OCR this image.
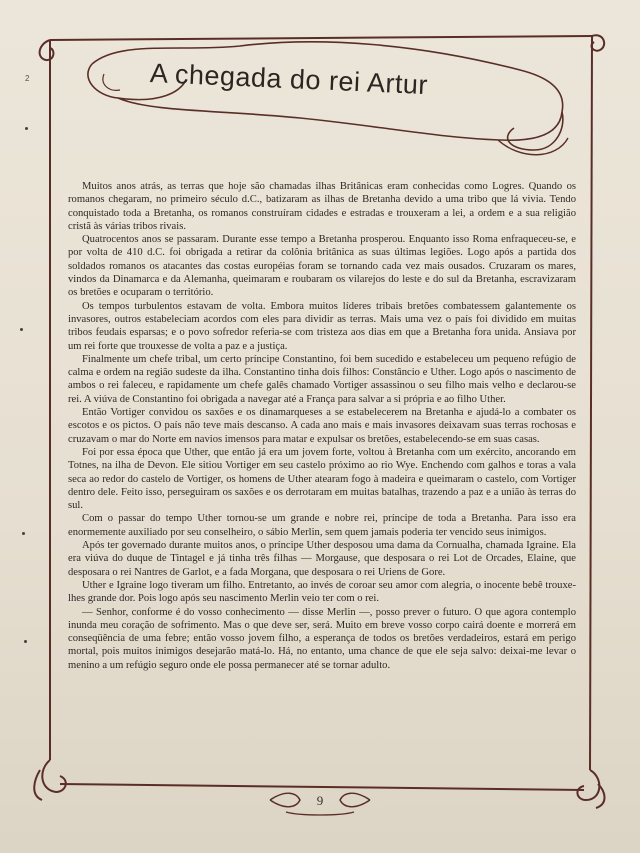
A chegada do rei Artur
2

Muitos anos atrás, as terras que hoje são chamadas ilhas Britânicas eram conhecidas como Logres. Quando os romanos chegaram, no primeiro século d.C., batizaram as ilhas de Bretanha devido a uma tribo que lá vivia. Tendo conquistado toda a Bretanha, os romanos construíram cidades e estradas e trouxeram a lei, a ordem e a sua religião cristã às várias tribos rivais.

Quatrocentos anos se passaram. Durante esse tempo a Bretanha prosperou. Enquanto isso Roma enfraqueceu-se, e por volta de 410 d.C. foi obrigada a retirar da colônia britânica as suas últimas legiões. Logo após a partida dos soldados romanos os atacantes das costas européias foram se tornando cada vez mais ousados. Cruzaram os mares, vindos da Dinamarca e da Alemanha, queimaram e roubaram os vilarejos do leste e do sul da Bretanha, escravizaram os bretões e ocuparam o território.

Os tempos turbulentos estavam de volta. Embora muitos líderes tribais bretões combatessem galantemente os invasores, outros estabeleciam acordos com eles para dividir as terras. Mais uma vez o país foi dividido em muitas tribos feudais esparsas; e o povo sofredor referia-se com tristeza aos dias em que a Bretanha fora unida. Ansiava por um rei forte que trouxesse de volta a paz e a justiça.

Finalmente um chefe tribal, um certo príncipe Constantino, foi bem sucedido e estabeleceu um pequeno refúgio de calma e ordem na região sudeste da ilha. Constantino tinha dois filhos: Constâncio e Uther. Logo após o nascimento de ambos o rei faleceu, e rapidamente um chefe galês chamado Vortiger assassinou o seu filho mais velho e declarou-se rei. A viúva de Constantino foi obrigada a navegar até a França para salvar a si própria e ao filho Uther.

Então Vortiger convidou os saxões e os dinamarqueses a se estabelecerem na Bretanha e ajudá-lo a combater os escotos e os pictos. O país não teve mais descanso. A cada ano mais e mais invasores deixavam suas terras rochosas e cruzavam o mar do Norte em navios imensos para matar e expulsar os bretões, estabelecendo-se em suas casas.

Foi por essa época que Uther, que então já era um jovem forte, voltou à Bretanha com um exército, ancorando em Totnes, na ilha de Devon. Ele sitiou Vortiger em seu castelo próximo ao rio Wye. Enchendo com galhos e toras a vala seca ao redor do castelo de Vortiger, os homens de Uther atearam fogo à madeira e queimaram o castelo, com Vortiger dentro dele. Feito isso, perseguiram os saxões e os derrotaram em muitas batalhas, trazendo a paz e a união às terras do sul.

Com o passar do tempo Uther tornou-se um grande e nobre rei, príncipe de toda a Bretanha. Para isso era enormemente auxiliado por seu conselheiro, o sábio Merlin, sem quem jamais poderia ter vencido seus inimigos.

Após ter governado durante muitos anos, o príncipe Uther desposou uma dama da Cornualha, chamada Igraine. Ela era viúva do duque de Tintagel e já tinha três filhas — Morgause, que desposara o rei Lot de Orcades, Elaine, que desposara o rei Nantres de Garlot, e a fada Morgana, que desposara o rei Uriens de Gore.

Uther e Igraine logo tiveram um filho. Entretanto, ao invés de coroar seu amor com alegria, o inocente bebê trouxe-lhes grande dor. Pois logo após seu nascimento Merlin veio ter com o rei.

— Senhor, conforme é do vosso conhecimento — disse Merlin —, posso prever o futuro. O que agora contemplo inunda meu coração de sofrimento. Mas o que deve ser, será. Muito em breve vosso corpo cairá doente e morrerá em conseqüência de uma febre; então vosso jovem filho, a esperança de todos os bretões verdadeiros, estará em perigo mortal, pois muitos inimigos desejarão matá-lo. Há, no entanto, uma chance de que ele seja salvo: deixai-me levar o menino a um refúgio seguro onde ele possa permanecer até se tornar adulto.

9
